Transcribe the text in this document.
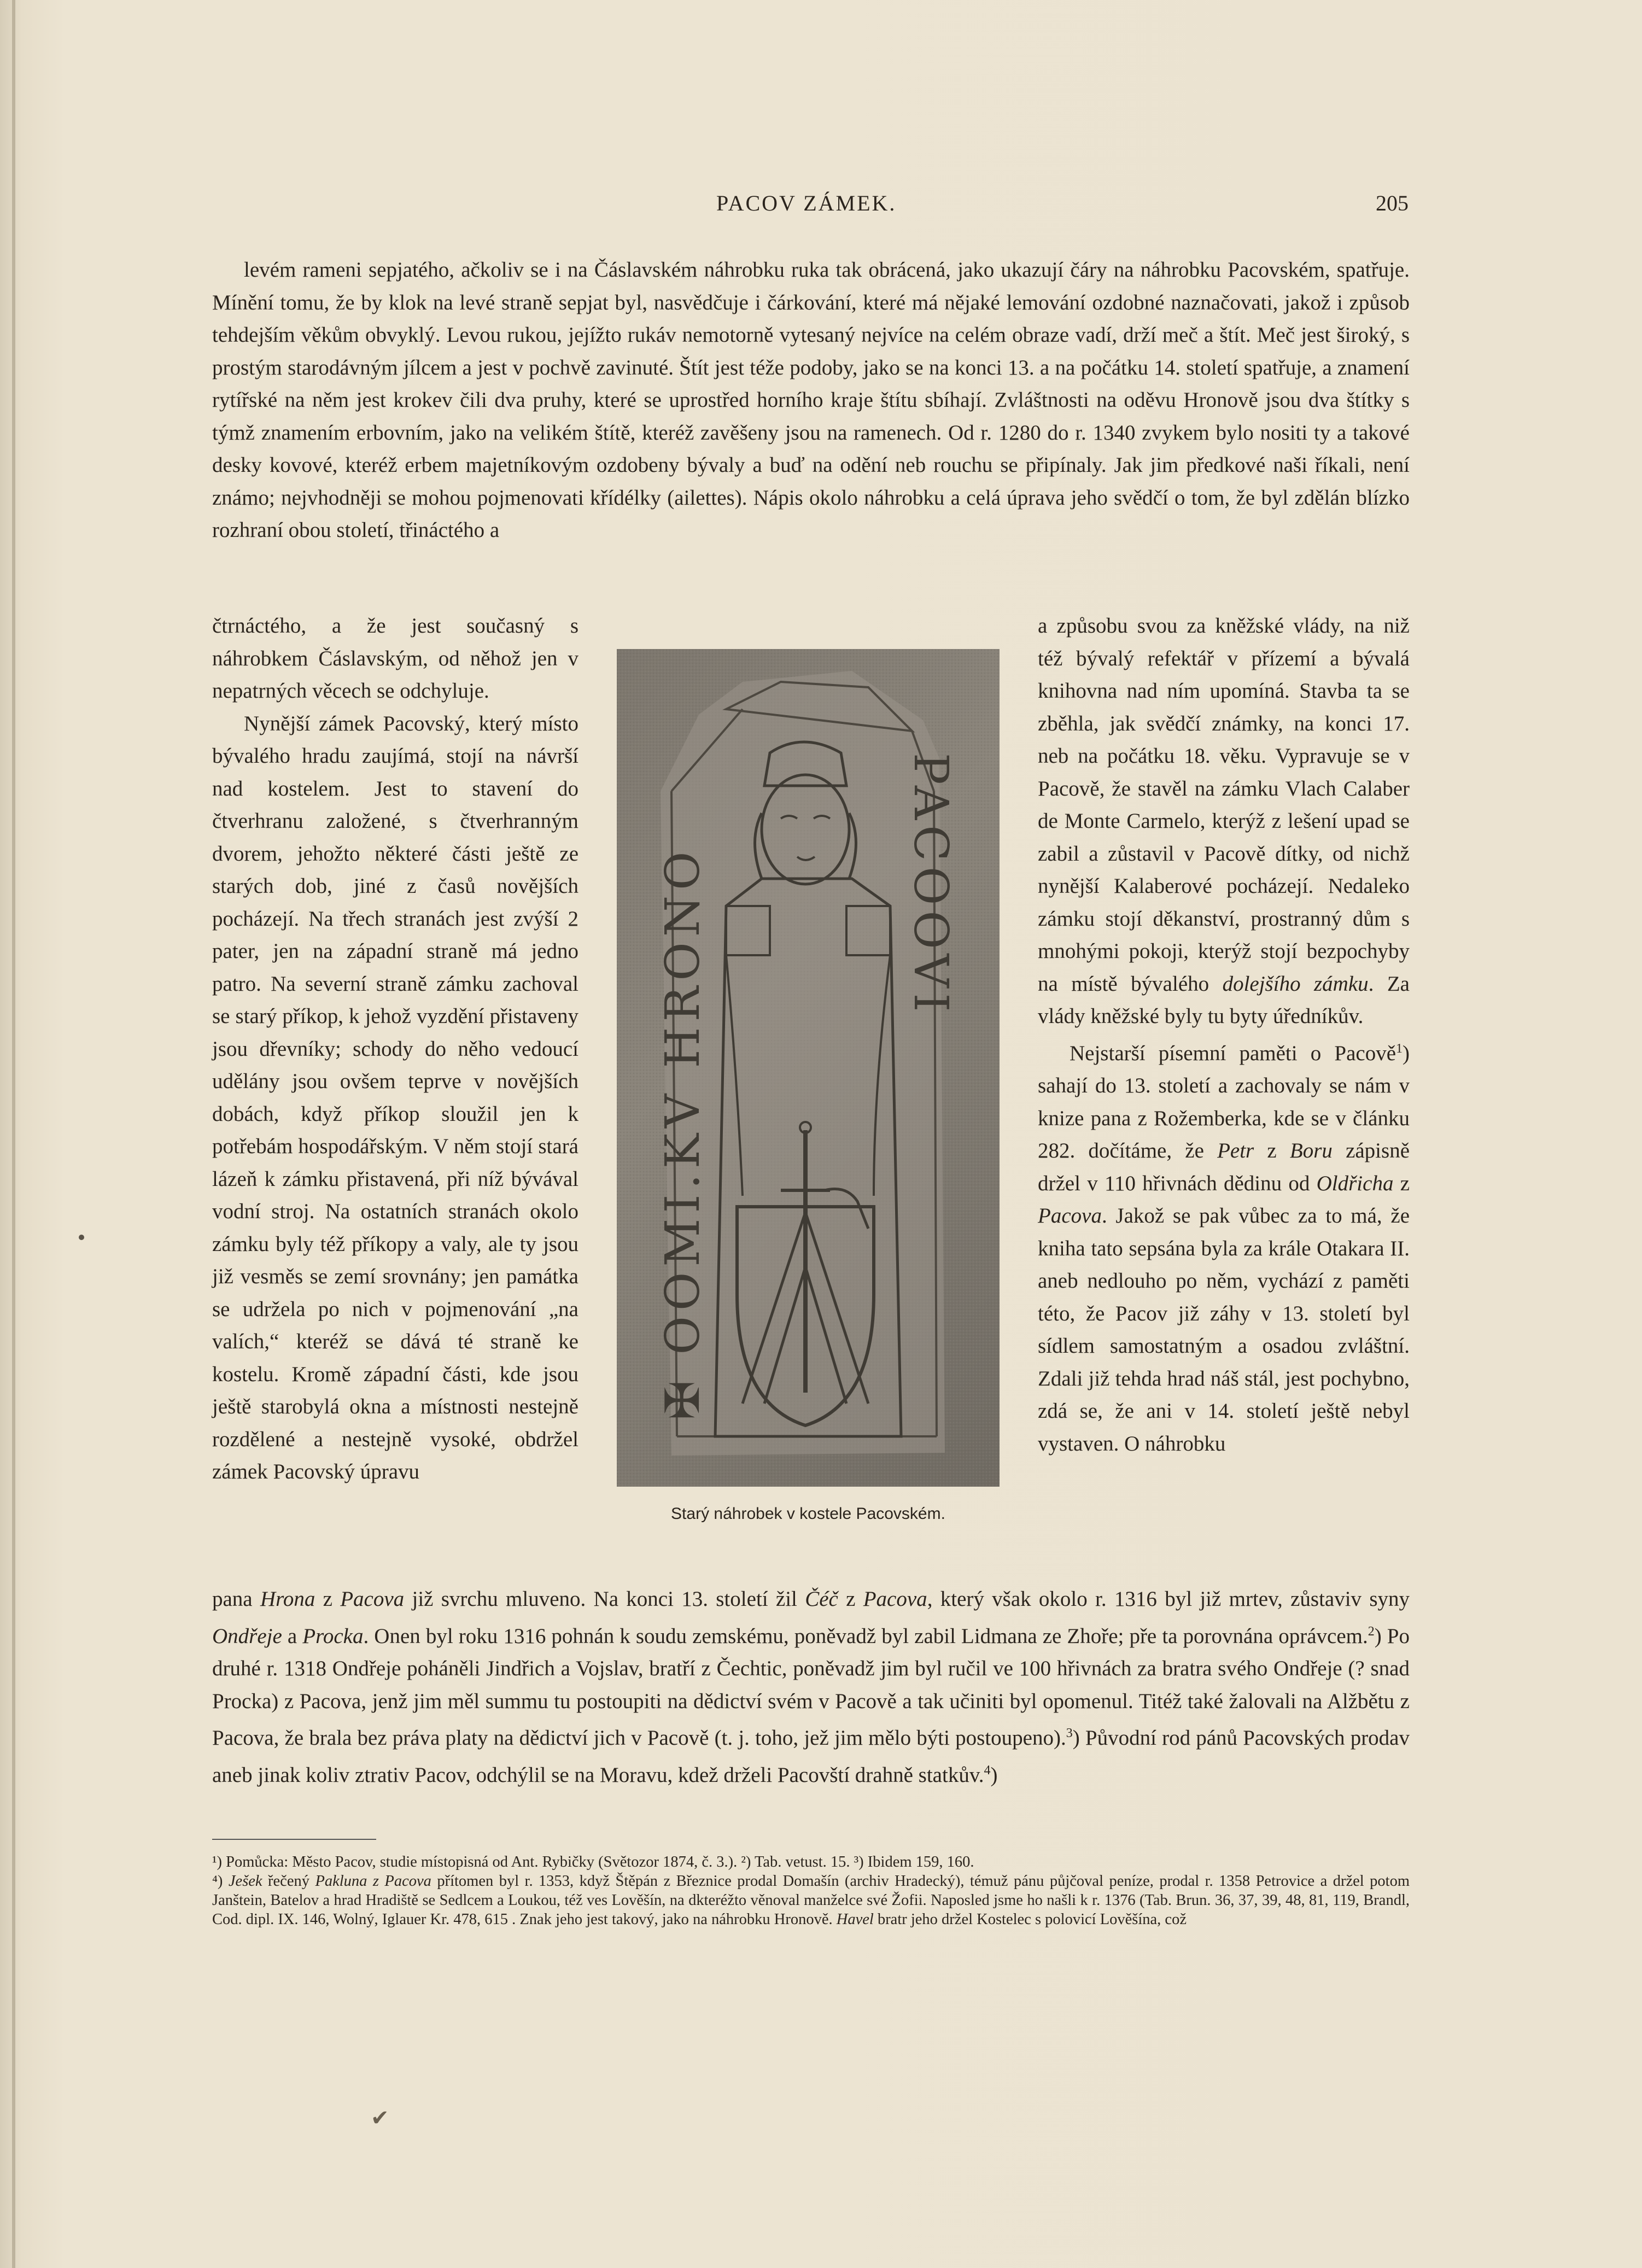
PACOV ZÁMEK.	205

levém rameni sepjatého, ačkoliv se i na Čáslavském náhrobku ruka tak obrácená, jako ukazují čáry na náhrobku Pacovském, spatřuje. Mínění tomu, že by klok na levé straně sepjat byl, nasvědčuje i čárkování, které má nějaké lemování ozdobné naznačovati, jakož i způsob tehdejším věkům obvyklý. Levou rukou, jejížto rukáv nemotorně vytesaný nejvíce na celém obraze vadí, drží meč a štít. Meč jest široký, s prostým starodávným jílcem a jest v pochvě zavinuté. Štít jest téže podoby, jako se na konci 13. a na počátku 14. století spatřuje, a znamení rytířské na něm jest krokev čili dva pruhy, které se uprostřed horního kraje štítu sbíhají. Zvláštnosti na oděvu Hronově jsou dva štítky s týmž znamením erbovním, jako na velikém štítě, kteréž zavěšeny jsou na ramenech. Od r. 1280 do r. 1340 zvykem bylo nositi ty a takové desky kovové, kteréž erbem majetníkovým ozdobeny bývaly a buď na odění neb rouchu se připínaly. Jak jim předkové naši říkali, není známo; nejvhodněji se mohou pojmenovati křídélky (ailettes). Nápis okolo náhrobku a celá úprava jeho svědčí o tom, že byl zdělán blízko rozhraní obou století, třináctého a

čtrnáctého, a že jest současný s náhrobkem Čáslavským, od něhož jen v nepatrných věcech se odchyluje.

Nynější zámek Pacovský, který místo bývalého hradu zaujímá, stojí na návrší nad kostelem. Jest to stavení do čtverhranu založené, s čtverhranným dvorem, jehožto některé části ještě ze starých dob, jiné z časů novějších pocházejí. Na třech stranách jest zvýší 2 pater, jen na západní straně má jedno patro. Na severní straně zámku zachoval se starý příkop, k jehož vyzdění přistaveny jsou dřevníky; schody do něho vedoucí udělány jsou ovšem teprve v novějších dobách, když příkop sloužil jen k potřebám hospodářským. V něm stojí stará lázeň k zámku přistavená, při níž bývával vodní stroj. Na ostatních stranách okolo zámku byly též příkopy a valy, ale ty jsou již vesměs se zemí srovnány; jen památka se udržela po nich v pojmenování „na valích,“ kteréž se dává té straně ke kostelu. Kromě západní části, kde jsou ještě starobylá okna a místnosti nestejně rozdělené a nestejně vysoké, obdržel zámek Pacovský úpravu

a způsobu svou za kněžské vlády, na niž též bývalý refektář v přízemí a bývalá knihovna nad ním upomíná. Stavba ta se zběhla, jak svědčí známky, na konci 17. neb na počátku 18. věku. Vypravuje se v Pacově, že stavěl na zámku Vlach Calaber de Monte Carmelo, kterýž z lešení upad se zabil a zůstavil v Pacově dítky, od nichž nynější Kalaberové pocházejí. Nedaleko zámku stojí děkanství, prostranný dům s mnohými pokoji, kterýž stojí bezpochyby na místě bývalého dolejšího zámku. Za vlády kněžské byly tu byty úředníkův.

Nejstarší písemní paměti o Pacově$^1$) sahají do 13. století a zachovaly se nám v knize pana z Rožemberka, kde se v článku 282. dočítáme, že Petr z Boru zápisně držel v 110 hřivnách dědinu od Oldřicha z Pacova. Jakož se pak vůbec za to má, že kniha tato sepsána byla za krále Otakara II. aneb nedlouho po něm, vychází z paměti této, že Pacov již záhy v 13. století byl sídlem samostatným a osadou zvláštní. Zdali již tehda hrad náš stál, jest pochybno, zdá se, že ani v 14. století ještě nebyl vystaven. O náhrobku

✠ OOMI.KV HRONO	PACOOVI
Starý náhrobek v kostele Pacovském.

pana Hrona z Pacova již svrchu mluveno. Na konci 13. století žil Čéč z Pacova, který však okolo r. 1316 byl již mrtev, zůstaviv syny Ondřeje a Procka. Onen byl roku 1316 pohnán k soudu zemskému, poněvadž byl zabil Lidmana ze Zhoře; pře ta porovnána oprávcem.$^2$) Po druhé r. 1318 Ondřeje poháněli Jindřich a Vojslav, bratří z Čechtic, poněvadž jim byl ručil ve 100 hřivnách za bratra svého Ondřeje (? snad Procka) z Pacova, jenž jim měl summu tu postoupiti na dědictví svém v Pacově a tak učiniti byl opomenul. Titéž také žalovali na Alžbětu z Pacova, že brala bez práva platy na dědictví jich v Pacově (t. j. toho, jež jim mělo býti postoupeno).$^3$) Původní rod pánů Pacovských prodav aneb jinak koliv ztrativ Pacov, odchýlil se na Moravu, kdež drželi Pacovští drahně statkův.$^4$)

¹) Pomůcka: Město Pacov, studie místopisná od Ant. Rybičky (Světozor 1874, č. 3.). ²) Tab. vetust. 15. ³) Ibidem 159, 160.

⁴) Ješek řečený Pakluna z Pacova přítomen byl r. 1353, když Štěpán z Březnice prodal Domašín (archiv Hradecký), témuž pánu půjčoval peníze, prodal r. 1358 Petrovice a držel potom Janštein, Batelov a hrad Hradiště se Sedlcem a Loukou, též ves Lověšín, na dkteréžto věnoval manželce své Žofii. Naposled jsme ho našli k r. 1376 (Tab. Brun. 36, 37, 39, 48, 81, 119, Brandl, Cod. dipl. IX. 146, Wolný, Iglauer Kr. 478, 615 . Znak jeho jest takový, jako na náhrobku Hronově. Havel bratr jeho držel Kostelec s polovicí Lověšína, což

✔
